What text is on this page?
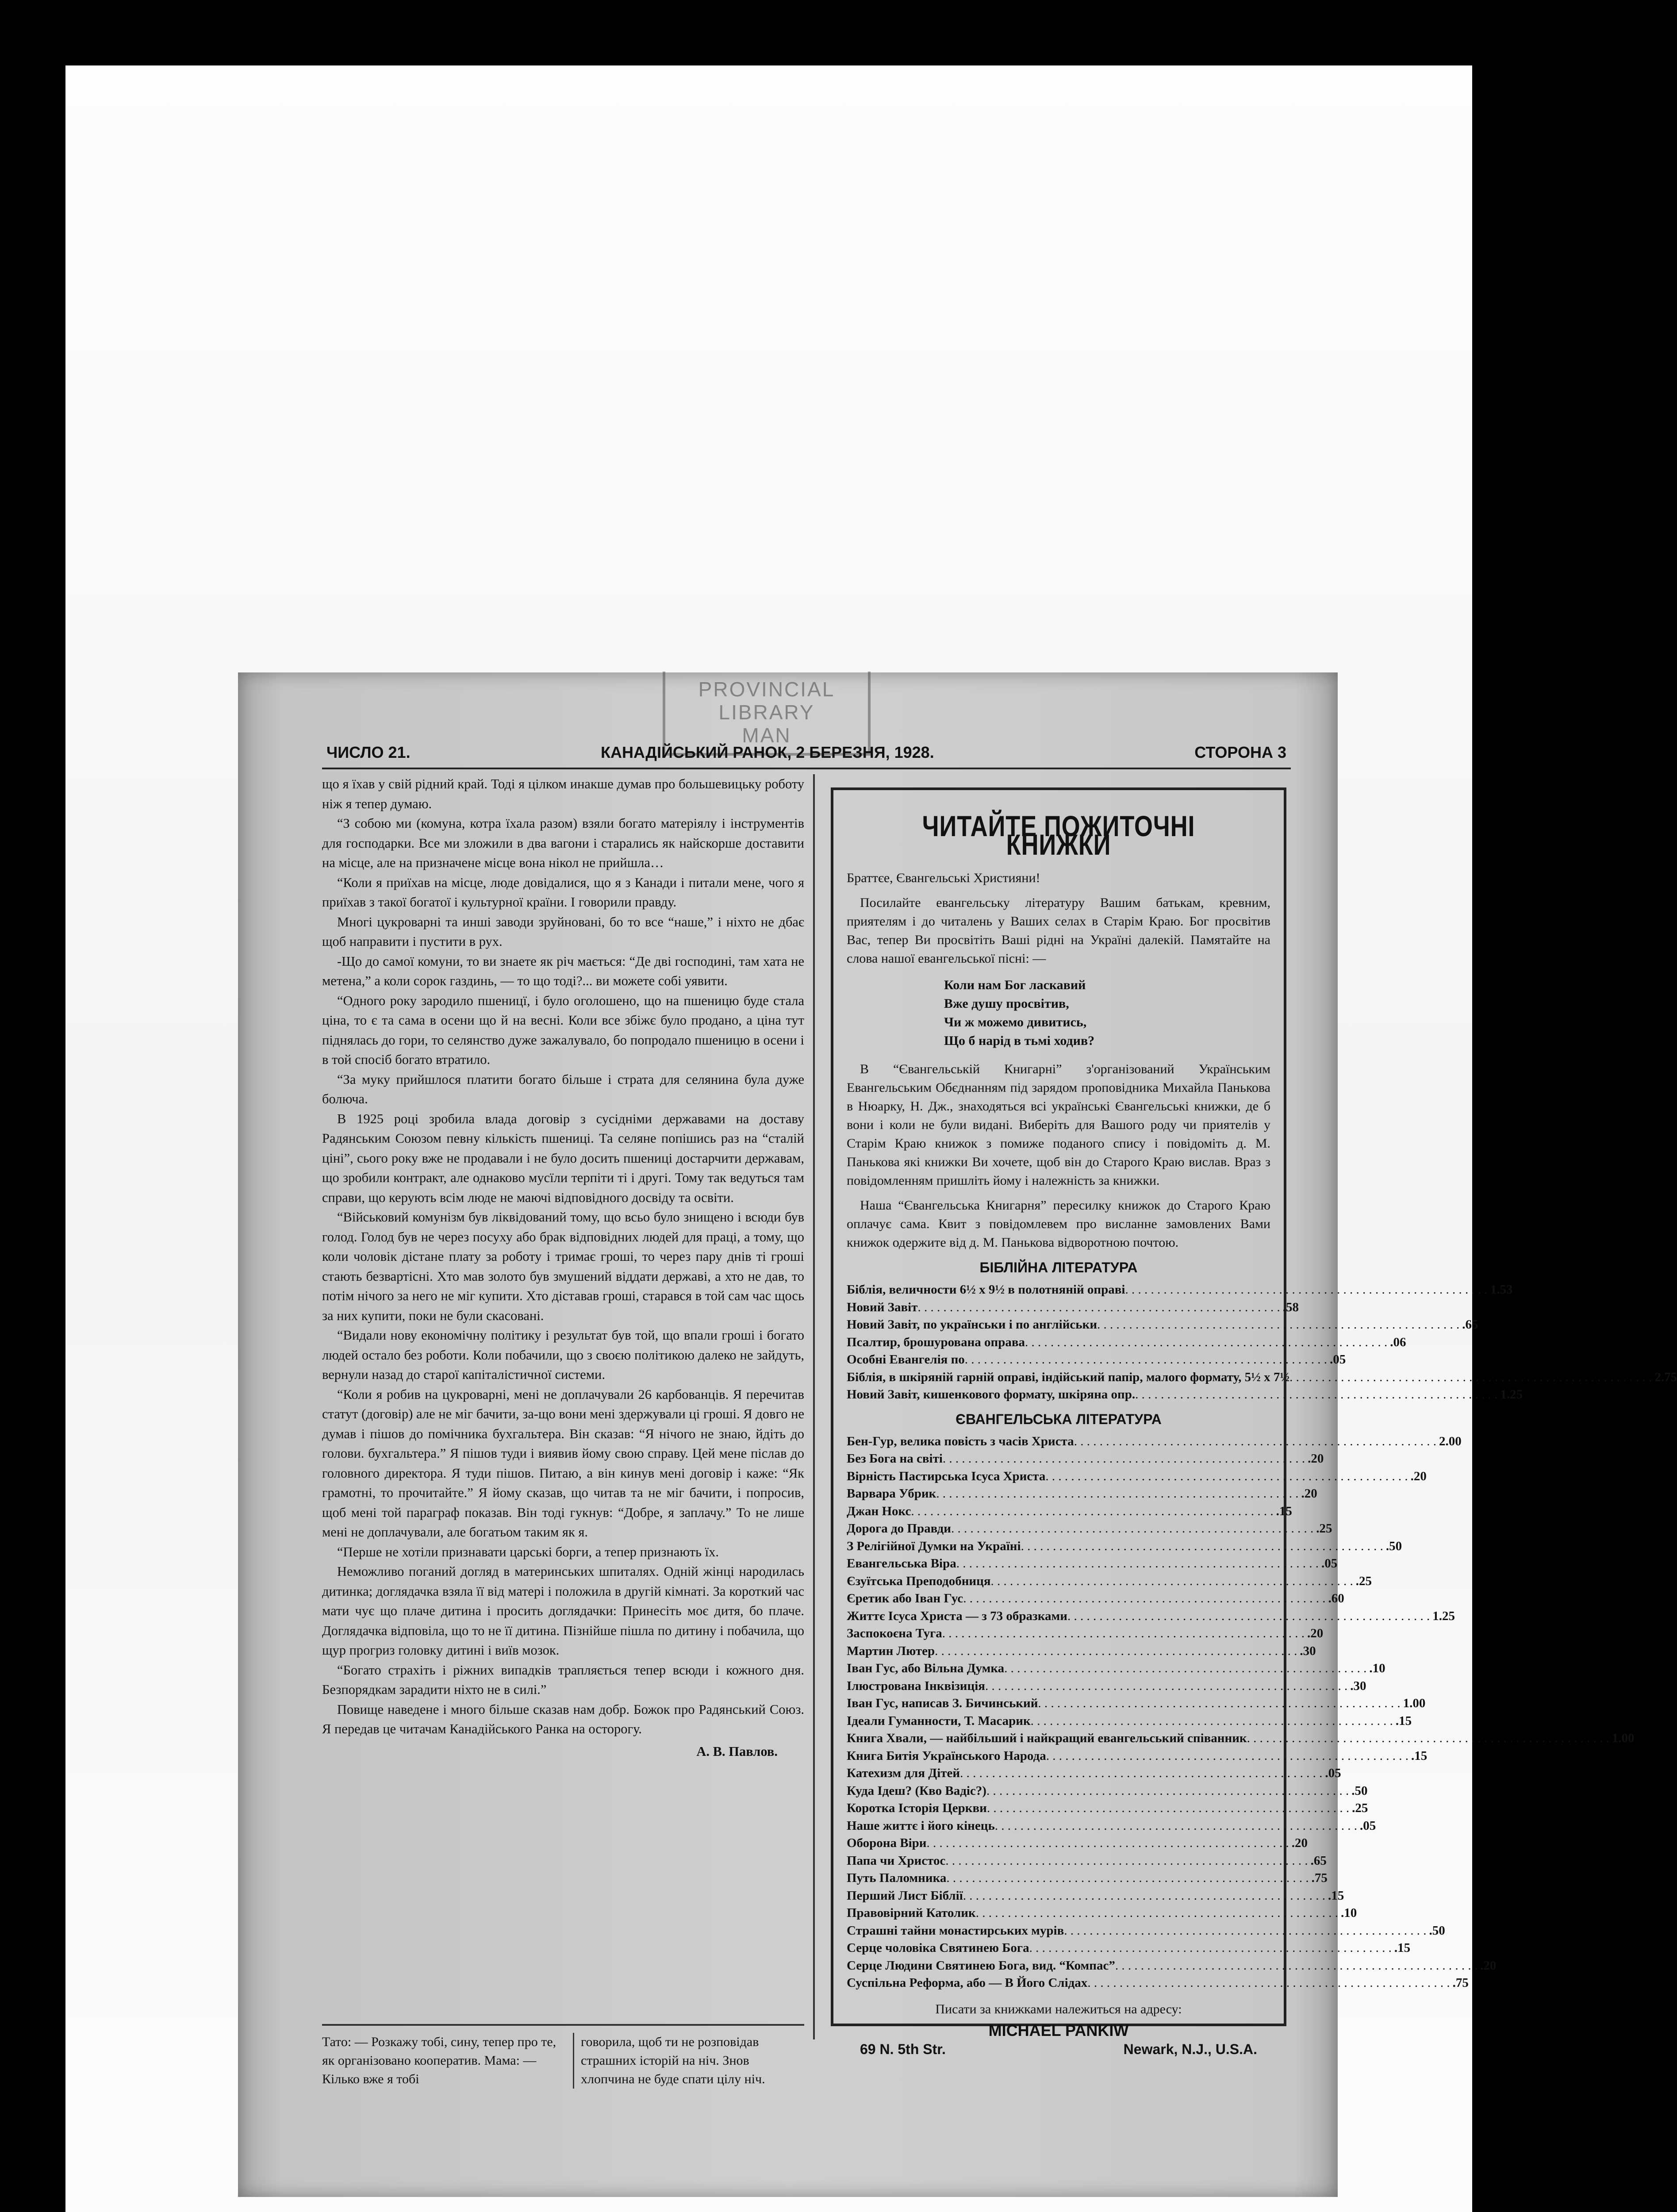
PROVINCIAL
LIBRARY
MAN
ЧИСЛО 21.	КАНАДІЙСЬКИЙ РАНОК, 2 БЕРЕЗНЯ, 1928.	СТОРОНА 3

що я їхав у свій рідний край. Тоді я цілком инакше думав про большевицьку роботу ніж я тепер думаю.

“З собою ми (комуна, котра їхала разом) взяли богато матеріялу і інструментів для господарки. Все ми зложили в два вагони і старались як найскорше доставити на місце, але на призначене місце вона нікол не прийшла…

“Коли я приїхав на місце, люде довідалися, що я з Канади і питали мене, чого я приїхав з такої богатої і культурної країни. І говорили правду.

Многі цукроварні та инші заводи зруйновані, бо то все “наше,” і ніхто не дбає щоб направити і пустити в рух.

-Що до самої комуни, то ви знаете як річ мається: “Де дві господині, там хата не метена,” а коли сорок газдинь, — то що тоді?... ви можете собі уявити.

“Одного року зародило пшеницї, і було оголошено, що на пшеницю буде стала ціна, то є та сама в осени що й на весні. Коли все збіжє було продано, а ціна тут піднялась до гори, то селянство дуже зажалувало, бо попродало пшеницю в осени і в той спосіб богато втратило.

“За муку прийшлося платити богато більше і страта для селянина була дуже болюча.

В 1925 році зробила влада договір з сусідніми державами на доставу Радянським Союзом певну кількість пшениці. Та селяне попішись раз на “сталій ціні”, сього року вже не продавали і не було досить пшениці достарчити державам, що зробили контракт, але однаково мусїли терпіти ті і другі. Тому так ведуться там справи, що керують всім люде не маючі відповідного досвіду та освіти.

“Військовий комунізм був ліквідований тому, що всьо було знищено і всюди був голод. Голод був не через посуху або брак відповідних людей для праці, а тому, що коли чоловік дістане плату за роботу і тримає гроші, то через пару днів ті гроші стають безвартісні. Хто мав золото був змушений віддати державі, а хто не дав, то потім нічого за него не міг купити. Хто діставав гроші, старався в той сам час щось за них купити, поки не були скасовані.

“Видали нову економічну політику і результат був той, що впали гроші і богато людей остало без роботи. Коли побачили, що з своєю політикою далеко не зайдуть, вернули назад до старої капіталістичної системи.

“Коли я робив на цукроварні, мені не доплачували 26 карбованців. Я перечитав статут (договір) але не міг бачити, за-що вони мені здержували ці гроші. Я довго не думав і пішов до помічника бухгальтера. Він сказав: “Я нічого не знаю, йдіть до голови. бухгальтера.” Я пішов туди і виявив йому свою справу. Цей мене післав до головного директора. Я туди пішов. Питаю, а він кинув мені договір і каже: “Як грамотні, то прочитайте.” Я йому сказав, що читав та не міг бачити, і попросив, щоб мені той параграф показав. Він тоді гукнув: “Добре, я заплачу.” То не лише мені не доплачували, але богатьом таким як я.

“Перше не хотіли признавати царські борги, а тепер признають їх.

Неможливо поганий догляд в материнських шпиталях. Одній жінці народилась дитинка; доглядачка взяла її від матері і положила в другій кімнаті. За короткий час мати чує що плаче дитина і просить доглядачки: Принесіть моє дитя, бо плаче. Доглядачка відповіла, що то не її дитина. Пізнійше пішла по дитину і побачила, що щур прогриз головку дитині і виїв мозок.

“Богато страхіть і ріжних випадків трапляється тепер всюди і кожного дня. Безпорядкам зарадити ніхто не в силі.”

Повище наведене і много більше сказав нам добр. Божок про Радянський Союз. Я передав це читачам Канадійського Ранка на осторогу.

А. В. Павлов.
Тато: — Розкажу тобі, сину, тепер про те, як організовано кооператив. Мама: — Кілько вже я тобі
говорила, щоб ти не розповідав страшних історій на ніч. Знов хлопчина не буде спати цілу ніч.
ЧИТАЙТЕ ПОЖИТОЧНІ КНИЖКИ

Браттєе, Євангельські Християни!

Посилайте евангельську літературу Вашим батькам, кревним, приятелям і до читалень у Ваших селах в Старім Краю. Бог просвітив Вас, тепер Ви просвітіть Ваші рідні на Україні далекій. Памятайте на слова нашої евангельської пісні: —

Коли нам Бог ласкавий
Вже душу просвітив,
Чи ж можемо дивитись,
Що б нарід в тьмі ходив?

В “Євангельській Книгарні” з'організований Українським Евангельським Обєднанням під зарядом проповідника Михайла Панькова в Нюарку, Н. Дж., знаходяться всі українські Євангельські книжки, де б вони і коли не були видані. Виберіть для Вашого роду чи приятелів у Старім Краю книжок з помиже поданого спису і повідоміть д. М. Панькова які книжки Ви хочете, щоб він до Старого Краю вислав. Враз з повідомленням пришліть йому і належність за книжки.

Наша “Євангельська Книгарня” пересилку книжок до Старого Краю оплачує сама. Квит з повідомлевем про висланне замовлених Вами книжок одержите від д. М. Панькова відворотною почтою.

БІБЛІЙНА ЛІТЕРАТУРА
Біблія, величности 6½ x 9½ в полотняній оправі . . .	1.53
Новий Завіт . . .	.58
Новий Завіт, по українськи і по англійськи . . .	.65
Псалтир, брошурована оправа . . .	.06
Особні Евангелія по . . .	.05
Біблія, в шкіряній гарній оправі, індійський папір, малого формату, 5½ x 7½ . . .	2.75
Новий Завіт, кишенкового формату, шкіряна опр. . . .	1.25
ЄВАНГЕЛЬСЬКА ЛІТЕРАТУРА
Бен-Гур, велика повість з часів Христа . . .	2.00
Без Бога на світі . . .	.20
Вірність Пастирська Ісуса Христа . . .	.20
Варвара Убрик . . .	.20
Джан Нокс . . .	.15
Дорога до Правди . . .	.25
З Релігійної Думки на Україні . . .	.50
Евангельська Віра . . .	.05
Єзуїтська Преподобниця . . .	.25
Єретик або Іван Гус . . .	.60
Життє Ісуса Христа — з 73 образками . . .	1.25
Заспокоєна Туга . . .	.20
Мартин Лютер . . .	.30
Іван Гус, або Вільна Думка . . .	.10
Ілюстрована Інквізиція . . .	.30
Іван Гус, написав З. Бичинський . . .	1.00
Ідеали Гуманности, Т. Масарик . . .	.15
Книга Хвали, — найбільший і найкращий евангельський співанник . . .	1.00
Книга Битія Українського Народа . . .	.15
Катехизм для Дітей . . .	.05
Куда Ідеш? (Кво Вадіс?) . . .	.50
Коротка Історія Церкви . . .	.25
Наше життє і його кінець . . .	.05
Оборона Віри . . .	.20
Папа чи Христос . . .	.65
Путь Паломника . . .	.75
Перший Лист Біблії . . .	.15
Правовірний Католик . . .	.10
Страшні тайни монастирських мурів . . .	.50
Серце чоловіка Святинею Бога . . .	.15
Серце Людини Святинею Бога, вид. “Компас” . . .	.20
Суспільна Реформа, або — В Його Слідах . . .	.75
Писати за книжками належиться на адресу:
MICHAEL PANKIW
69 N. 5th Str.	Newark, N.J., U.S.A.
